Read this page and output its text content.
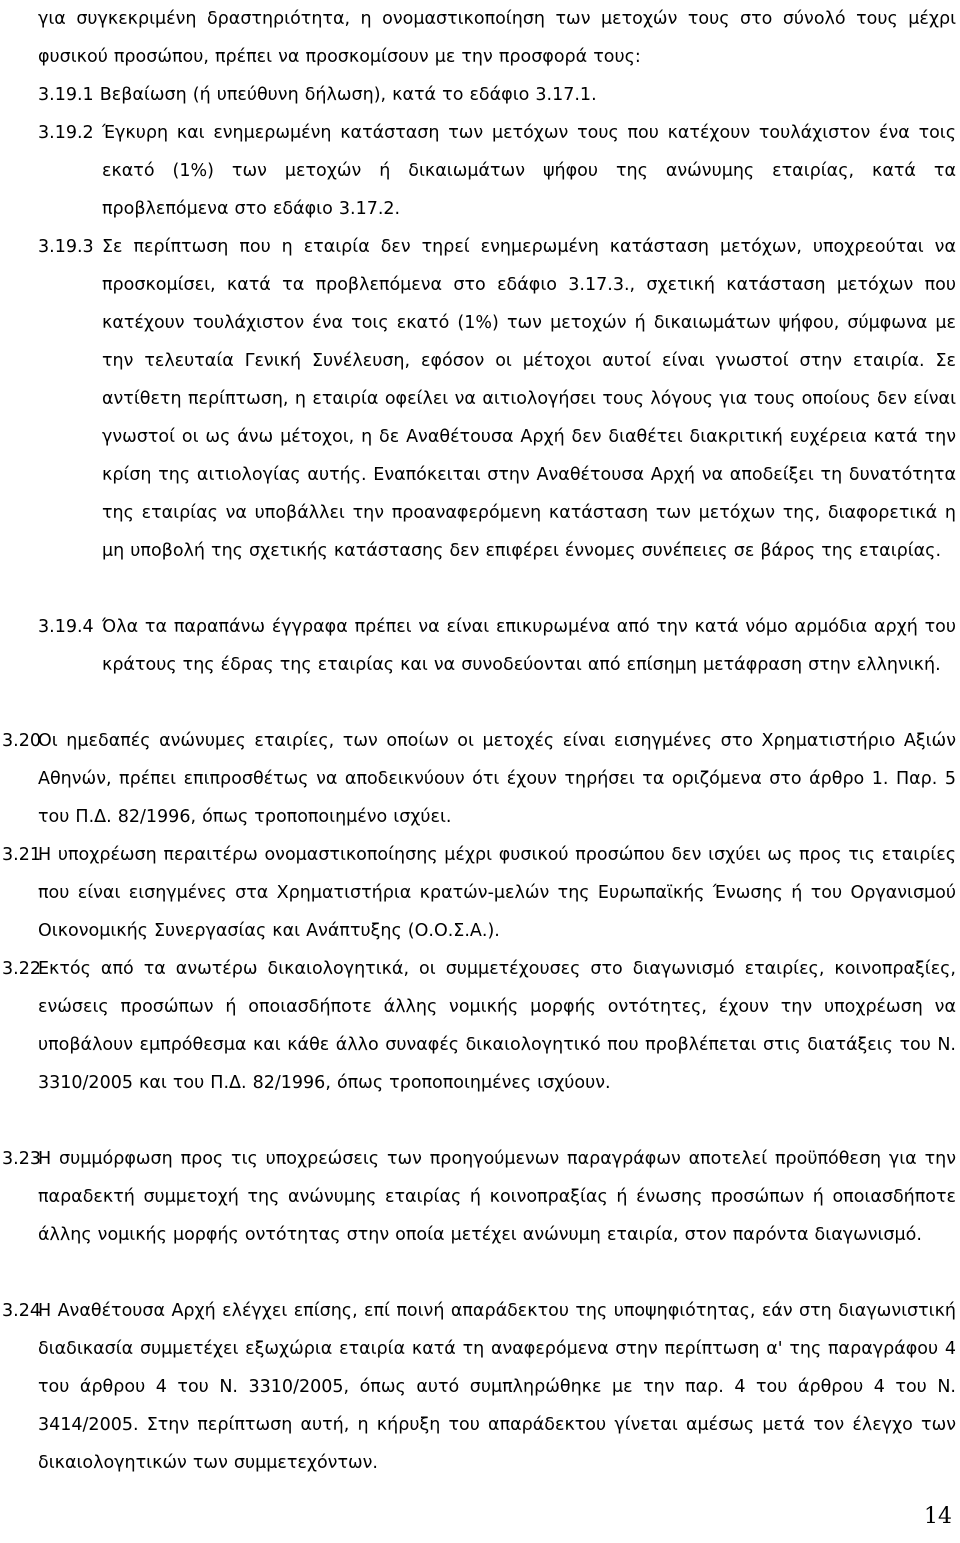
για συγκεκριμένη δραστηριότητα, η ονομαστικοποίηση των μετοχών τους στο σύνολό τους μέχρι φυσικού προσώπου, πρέπει να προσκομίσουν με την προσφορά τους:
3.19.1 Βεβαίωση (ή υπεύθυνη δήλωση), κατά το εδάφιο 3.17.1.
3.19.2 Έγκυρη και ενημερωμένη κατάσταση των μετόχων τους που κατέχουν τουλάχιστον ένα τοις εκατό (1%) των μετοχών ή δικαιωμάτων ψήφου της ανώνυμης εταιρίας, κατά τα προβλεπόμενα στο εδάφιο 3.17.2.
3.19.3 Σε περίπτωση που η εταιρία δεν τηρεί ενημερωμένη κατάσταση μετόχων, υποχρεούται να προσκομίσει, κατά τα προβλεπόμενα στο εδάφιο 3.17.3., σχετική κατάσταση μετόχων που κατέχουν τουλάχιστον ένα τοις εκατό (1%) των μετοχών ή δικαιωμάτων ψήφου, σύμφωνα με την τελευταία Γενική Συνέλευση, εφόσον οι μέτοχοι αυτοί είναι γνωστοί στην εταιρία. Σε αντίθετη περίπτωση, η εταιρία οφείλει να αιτιολογήσει τους λόγους για τους οποίους δεν είναι γνωστοί οι ως άνω μέτοχοι, η δε Αναθέτουσα Αρχή δεν διαθέτει διακριτική ευχέρεια κατά την κρίση της αιτιολογίας αυτής. Εναπόκειται στην Αναθέτουσα Αρχή να αποδείξει τη δυνατότητα της εταιρίας να υποβάλλει την προαναφερόμενη κατάσταση των μετόχων της, διαφορετικά η μη υποβολή της σχετικής κατάστασης δεν επιφέρει έννομες συνέπειες σε βάρος της εταιρίας.
3.19.4 Όλα τα παραπάνω έγγραφα πρέπει να είναι επικυρωμένα από την κατά νόμο αρμόδια αρχή του κράτους της έδρας της εταιρίας και να συνοδεύονται από επίσημη μετάφραση στην ελληνική.
3.20
Οι ημεδαπές ανώνυμες εταιρίες, των οποίων οι μετοχές είναι εισηγμένες στο Χρηματιστήριο Αξιών Αθηνών, πρέπει επιπροσθέτως να αποδεικνύουν ότι έχουν τηρήσει τα οριζόμενα στο άρθρο 1. Παρ. 5 του Π.Δ. 82/1996, όπως τροποποιημένο ισχύει.
3.21
Η υποχρέωση περαιτέρω ονομαστικοποίησης μέχρι φυσικού προσώπου δεν ισχύει ως προς τις εταιρίες που είναι εισηγμένες στα Χρηματιστήρια κρατών-μελών της Ευρωπαϊκής Ένωσης ή του Οργανισμού Οικονομικής Συνεργασίας και Ανάπτυξης (Ο.Ο.Σ.Α.).
3.22
Εκτός από τα ανωτέρω δικαιολογητικά, οι συμμετέχουσες στο διαγωνισμό εταιρίες, κοινοπραξίες, ενώσεις προσώπων ή οποιασδήποτε άλλης νομικής μορφής οντότητες, έχουν την υποχρέωση να υποβάλουν εμπρόθεσμα και κάθε άλλο συναφές δικαιολογητικό που προβλέπεται στις διατάξεις του Ν. 3310/2005 και του Π.Δ. 82/1996, όπως τροποποιημένες ισχύουν.
3.23
Η συμμόρφωση προς τις υποχρεώσεις των προηγούμενων παραγράφων αποτελεί προϋπόθεση για την παραδεκτή συμμετοχή της ανώνυμης εταιρίας ή κοινοπραξίας ή ένωσης προσώπων ή οποιασδήποτε άλλης νομικής μορφής οντότητας στην οποία μετέχει ανώνυμη εταιρία, στον παρόντα διαγωνισμό.
3.24
Η Αναθέτουσα Αρχή ελέγχει επίσης, επί ποινή απαράδεκτου της υποψηφιότητας, εάν στη διαγωνιστική διαδικασία συμμετέχει εξωχώρια εταιρία κατά τη αναφερόμενα στην περίπτωση α' της παραγράφου 4 του άρθρου 4 του Ν. 3310/2005, όπως αυτό συμπληρώθηκε με την παρ. 4 του άρθρου 4 του Ν. 3414/2005. Στην περίπτωση αυτή, η κήρυξη του απαράδεκτου γίνεται αμέσως μετά τον έλεγχο των δικαιολογητικών των συμμετεχόντων.
14
